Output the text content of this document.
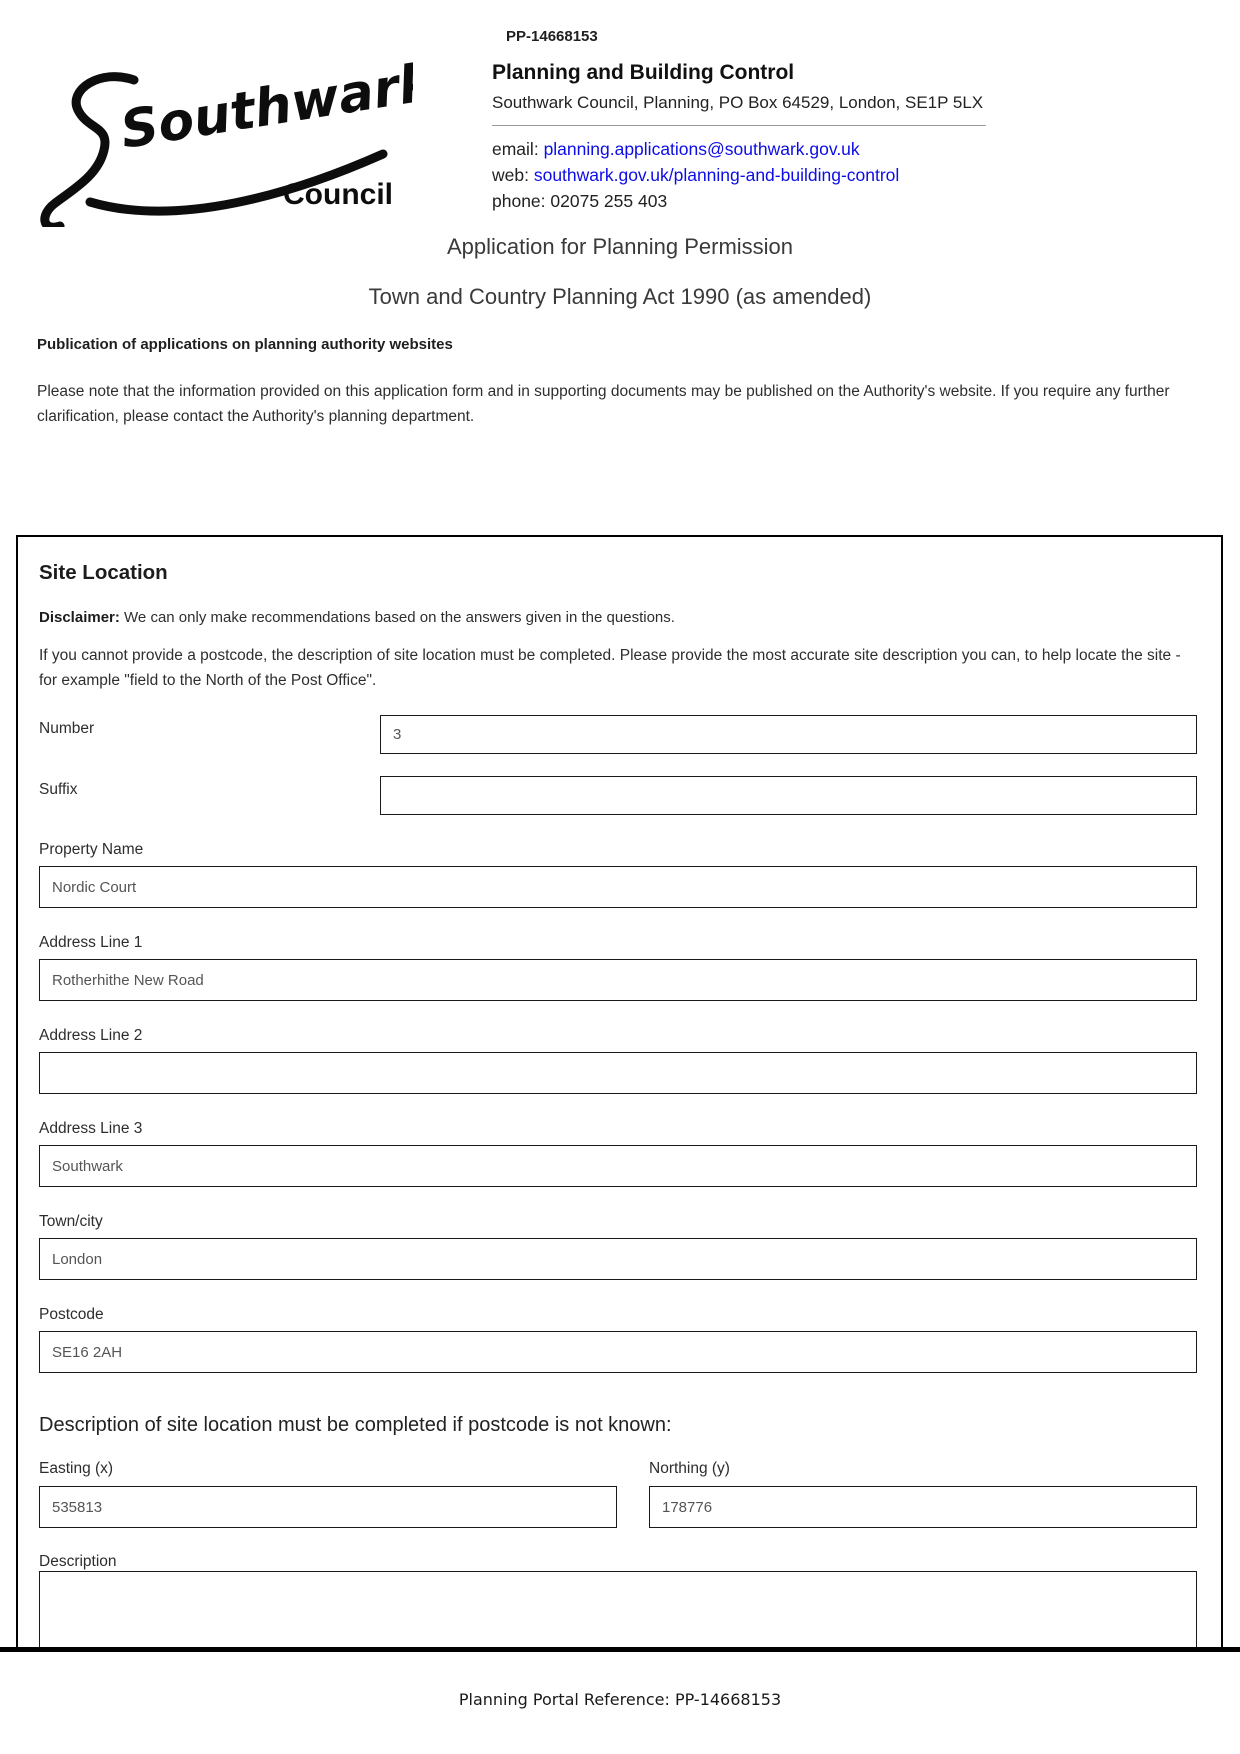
Southwark
Council
PP-14668153
Planning and Building Control
Southwark Council, Planning, PO Box 64529, London, SE1P 5LX
email: planning.applications@southwark.gov.uk
web: southwark.gov.uk/planning-and-building-control
phone: 02075 255 403
Application for Planning Permission
Town and Country Planning Act 1990 (as amended)
Publication of applications on planning authority websites

Please note that the information provided on this application form and in supporting documents may be published on the Authority's website. If you require any further clarification, please contact the Authority's planning department.

Site Location

Disclaimer: We can only make recommendations based on the answers given in the questions.

If you cannot provide a postcode, the description of site location must be completed. Please provide the most accurate site description you can, to help locate the site - for example "field to the North of the Post Office".

Number
3
Suffix
Property Name
Nordic Court
Address Line 1
Rotherhithe New Road
Address Line 2
Address Line 3
Southwark
Town/city
London
Postcode
SE16 2AH
Description of site location must be completed if postcode is not known:
Easting (x)
535813	Northing (y)
178776
Description
Planning Portal Reference: PP-14668153
